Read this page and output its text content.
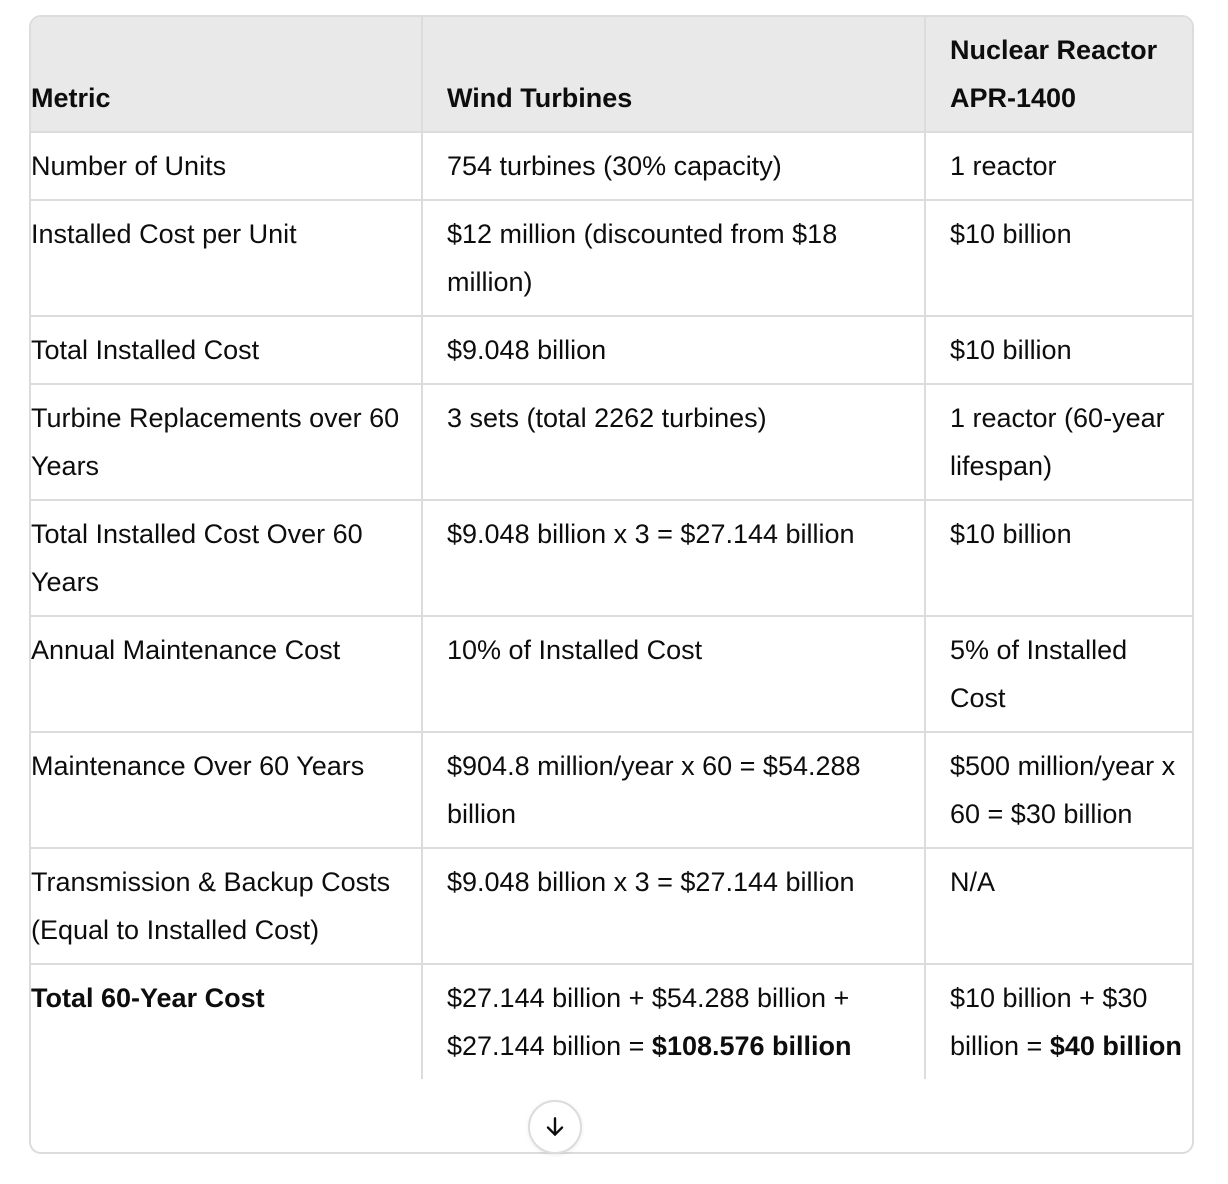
Metric	Wind Turbines	Nuclear Reactor APR-1400
Number of Units	754 turbines (30% capacity)	1 reactor
Installed Cost per Unit	$12 million (discounted from $18 million)	$10 billion
Total Installed Cost	$9.048 billion	$10 billion
Turbine Replacements over 60 Years	3 sets (total 2262 turbines)	1 reactor (60-year lifespan)
Total Installed Cost Over 60 Years	$9.048 billion x 3 = $27.144 billion	$10 billion
Annual Maintenance Cost	10% of Installed Cost	5% of Installed Cost
Maintenance Over 60 Years	$904.8 million/year x 60 = $54.288 billion	$500 million/year x 60 = $30 billion
Transmission & Backup Costs (Equal to Installed Cost)	$9.048 billion x 3 = $27.144 billion	N/A
Total 60-Year Cost	$27.144 billion + $54.288 billion + $27.144 billion = $108.576 billion	$10 billion + $30 billion = $40 billion
